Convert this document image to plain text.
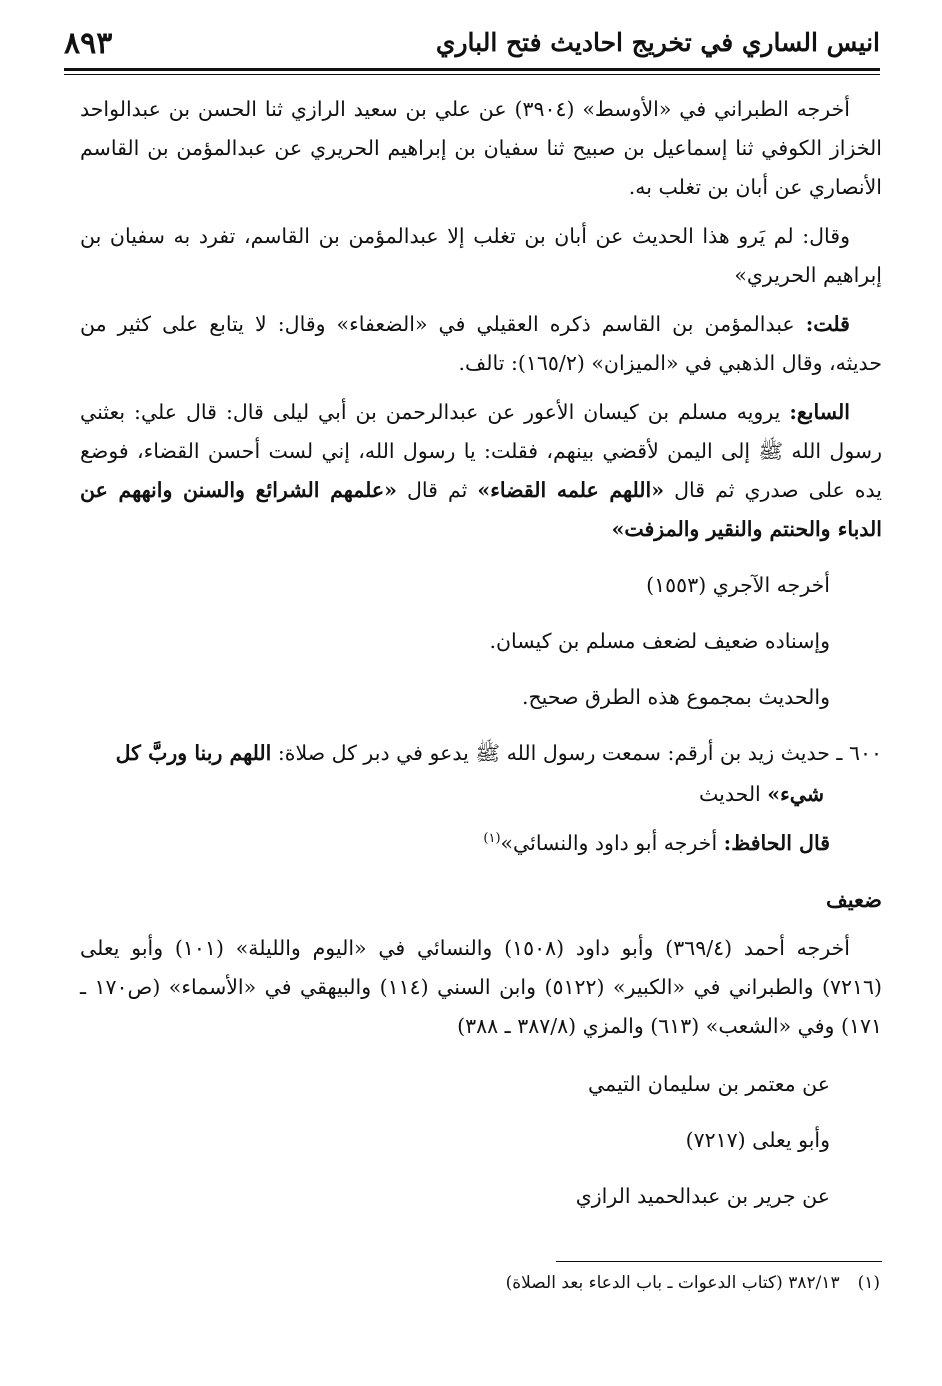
٨٩٣	انيس الساري في تخريج احاديث فتح الباري

أخرجه الطبراني في «الأوسط» (٣٩٠٤) عن علي بن سعيد الرازي ثنا الحسن بن عبدالواحد الخزاز الكوفي ثنا إسماعيل بن صبيح ثنا سفيان بن إبراهيم الحريري عن عبدالمؤمن بن القاسم الأنصاري عن أبان بن تغلب به.

وقال: لم يَرو هذا الحديث عن أبان بن تغلب إلا عبدالمؤمن بن القاسم، تفرد به سفيان بن إبراهيم الحريري»

قلت: عبدالمؤمن بن القاسم ذكره العقيلي في «الضعفاء» وقال: لا يتابع على كثير من حديثه، وقال الذهبي في «الميزان» (١٦٥/٢): تالف.

السابع: يرويه مسلم بن كيسان الأعور عن عبدالرحمن بن أبي ليلى قال: قال علي: بعثني رسول الله ﷺ إلى اليمن لأقضي بينهم، فقلت: يا رسول الله، إني لست أحسن القضاء، فوضع يده على صدري ثم قال «اللهم علمه القضاء» ثم قال «علمهم الشرائع والسنن وانههم عن الدباء والحنتم والنقير والمزفت»

أخرجه الآجري (١٥٥٣)

وإسناده ضعيف لضعف مسلم بن كيسان.

والحديث بمجموع هذه الطرق صحيح.

٦٠٠ ـ حديث زيد بن أرقم: سمعت رسول الله ﷺ يدعو في دبر كل صلاة: اللهم ربنا وربَّ كل شيء» الحديث

قال الحافظ: أخرجه أبو داود والنسائي»$^{(١)}$

ضعيف

أخرجه أحمد (٣٦٩/٤) وأبو داود (١٥٠٨) والنسائي في «اليوم والليلة» (١٠١) وأبو يعلى (٧٢١٦) والطبراني في «الكبير» (٥١٢٢) وابن السني (١١٤) والبيهقي في «الأسماء» (ص١٧٠ ـ ١٧١) وفي «الشعب» (٦١٣) والمزي (٣٨٧/٨ ـ ٣٨٨)

عن معتمر بن سليمان التيمي

وأبو يعلى (٧٢١٧)

عن جرير بن عبدالحميد الرازي

(١)٣٨٢/١٣ (كتاب الدعوات ـ باب الدعاء بعد الصلاة)
